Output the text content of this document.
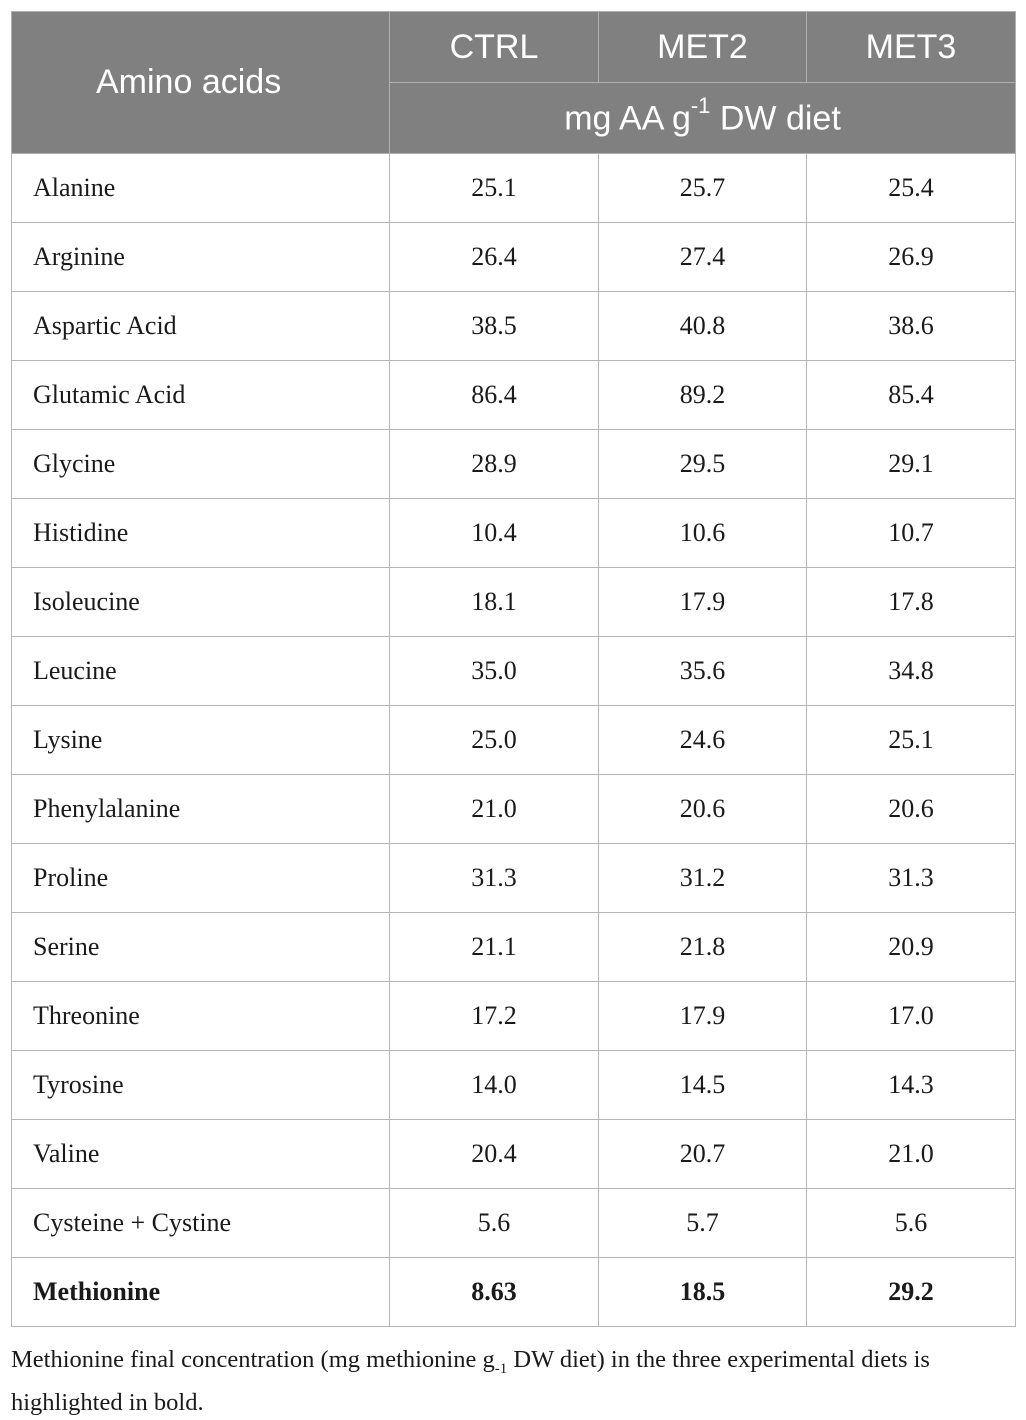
Amino acids	CTRL	MET2	MET3
	mg AA $g^{-1}$ DW diet		
Alanine	25.1	25.7	25.4
Arginine	26.4	27.4	26.9
Aspartic Acid	38.5	40.8	38.6
Glutamic Acid	86.4	89.2	85.4
Glycine	28.9	29.5	29.1
Histidine	10.4	10.6	10.7
Isoleucine	18.1	17.9	17.8
Leucine	35.0	35.6	34.8
Lysine	25.0	24.6	25.1
Phenylalanine	21.0	20.6	20.6
Proline	31.3	31.2	31.3
Serine	21.1	21.8	20.9
Threonine	17.2	17.9	17.0
Tyrosine	14.0	14.5	14.3
Valine	20.4	20.7	21.0
Cysteine + Cystine	5.6	5.7	5.6
Methionine	8.63	18.5	29.2
Methionine final concentration (mg methionine $g_{-1}$ DW diet) in the three experimental diets is highlighted in bold.
